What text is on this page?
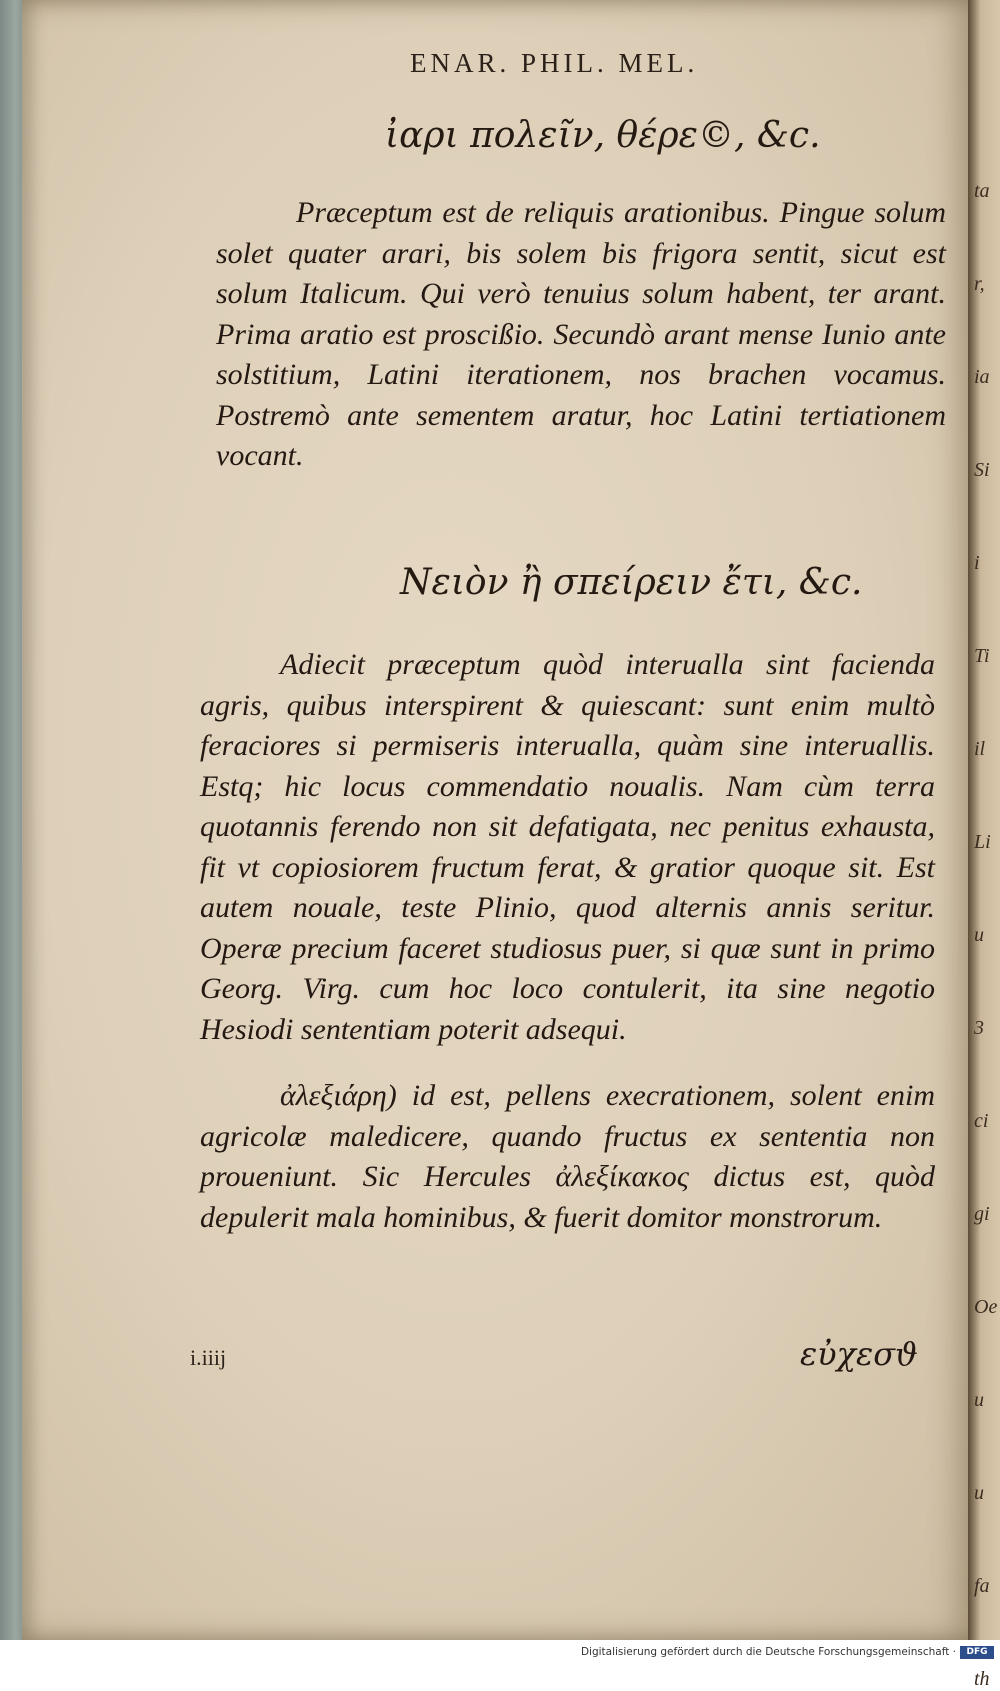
ta
r,
ia
Si
i
Ti
il
Li
u
3
ci
gi
Oe
u
u
fa
th
ENAR. PHIL. MEL.
ἰαρι πολεῖν, θέρε©, &c.

Præceptum est de reliquis arationibus. Pingue solum solet quater arari, bis solem bis frigora sentit, sicut est solum Italicum. Qui verò tenuius solum habent, ter arant. Prima aratio est proscißio. Secundò arant mense Iunio ante solstitium, Latini iterationem, nos brachen vocamus. Postremò ante sementem aratur, hoc Latini tertiationem vocant.

Νειὸν ἢ σπείρειν ἔτι, &c.

Adiecit præceptum quòd interualla sint facienda agris, quibus interspirent & quiescant: sunt enim multò feraciores si permiseris interualla, quàm sine interuallis. Estq; hic locus commendatio noualis. Nam cùm terra quotannis ferendo non sit defatigata, nec penitus exhausta, fit vt copiosiorem fructum ferat, & gratior quoque sit. Est autem nouale, teste Plinio, quod alternis annis seritur. Operæ precium faceret studiosus puer, si quæ sunt in primo Georg. Virg. cum hoc loco contulerit, ita sine negotio Hesiodi sententiam poterit adsequi.

ἀλεξιάρη) id est, pellens execrationem, solent enim agricolæ maledicere, quando fructus ex sententia non proueniunt. Sic Hercules ἀλεξίκακος dictus est, quòd depulerit mala hominibus, & fuerit domitor monstrorum.

i.iiij	εὐχεσϑ
Digitalisierung gefördert durch die Deutsche Forschungsgemeinschaft ·	DFG
